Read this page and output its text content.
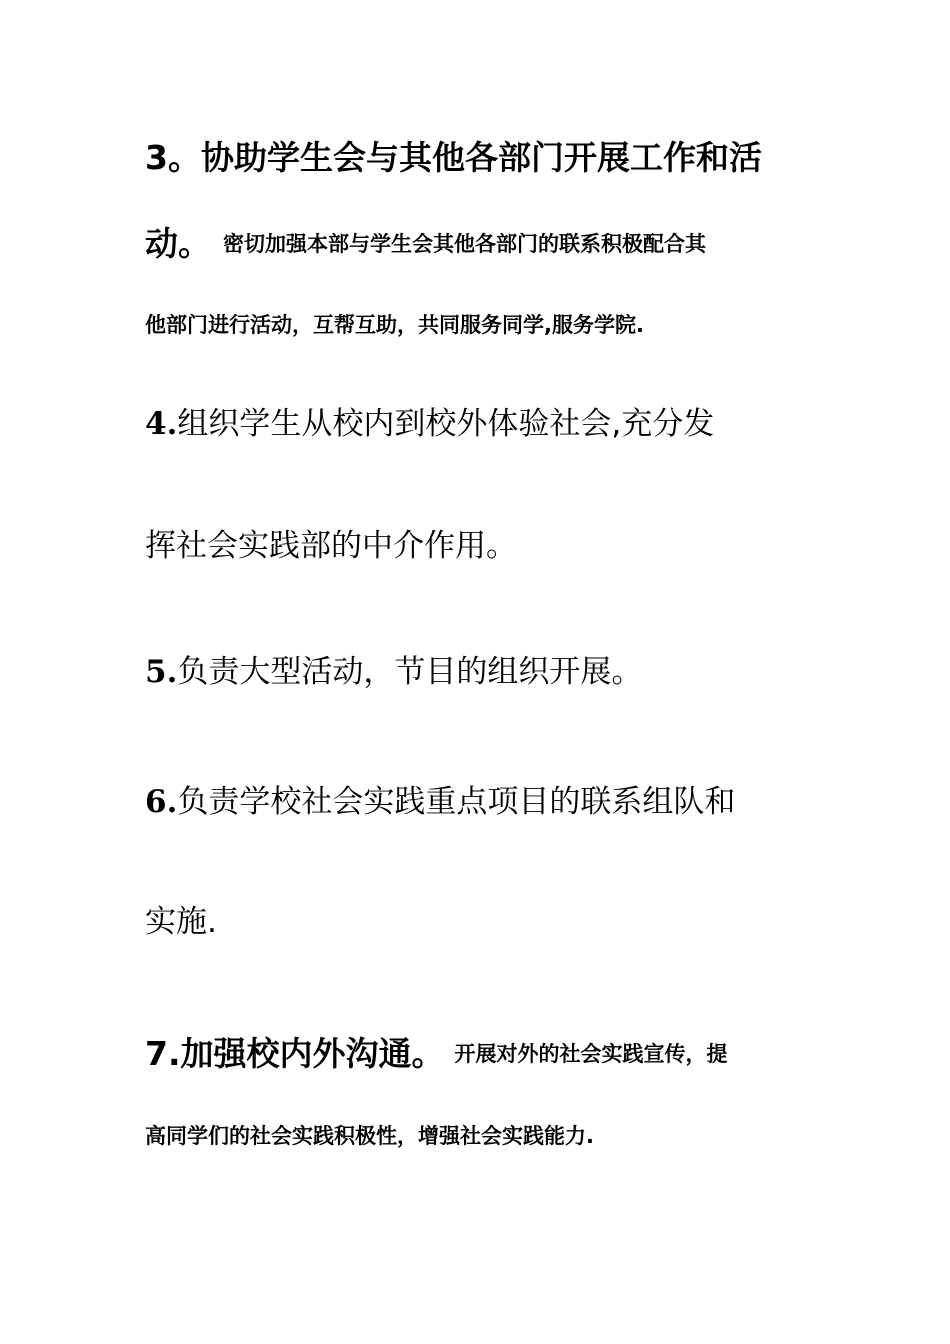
3。协助学生会与其他各部门开展工作和活
动。 密切加强本部与学生会其他各部门的联系积极配合其
他部门进行活动，互帮互助，共同服务同学,服务学院.
4.组织学生从校内到校外体验社会,充分发
挥社会实践部的中介作用。
5.负责大型活动，节目的组织开展。
6.负责学校社会实践重点项目的联系组队和
实施.
7.加强校内外沟通。 开展对外的社会实践宣传，提
高同学们的社会实践积极性，增强社会实践能力.
